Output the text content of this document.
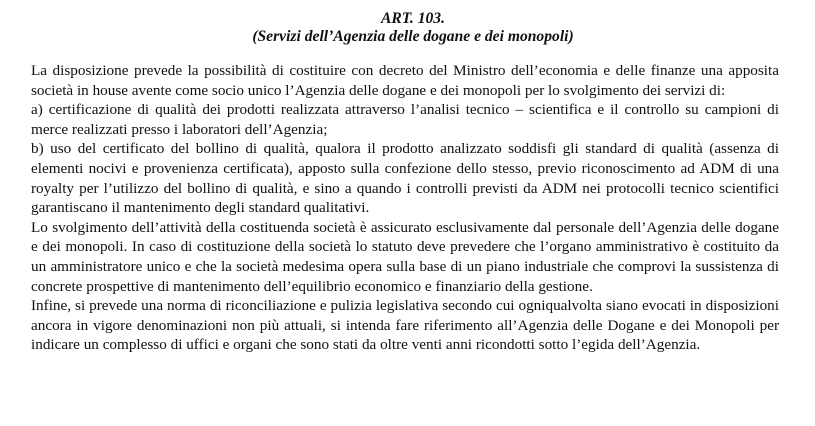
ART. 103.

(Servizi dell’Agenzia delle dogane e dei monopoli)

La disposizione prevede la possibilità di costituire con decreto del Ministro dell’economia e delle finanze una apposita società in house avente come socio unico l’Agenzia delle dogane e dei monopoli per lo svolgimento dei servizi di:

a) certificazione di qualità dei prodotti realizzata attraverso l’analisi tecnico – scientifica e il controllo su campioni di merce realizzati presso i laboratori dell’Agenzia;

b) uso del certificato del bollino di qualità, qualora il prodotto analizzato soddisfi gli standard di qualità (assenza di elementi nocivi e provenienza certificata), apposto sulla confezione dello stesso, previo riconoscimento ad ADM di una royalty per l’utilizzo del bollino di qualità, e sino a quando i controlli previsti da ADM nei protocolli tecnico scientifici garantiscano il mantenimento degli standard qualitativi.

Lo svolgimento dell’attività della costituenda società è assicurato esclusivamente dal personale dell’Agenzia delle dogane e dei monopoli. In caso di costituzione della società lo statuto deve prevedere che l’organo amministrativo è costituito da un amministratore unico e che la società medesima opera sulla base di un piano industriale che comprovi la sussistenza di concrete prospettive di mantenimento dell’equilibrio economico e finanziario della gestione.

Infine, si prevede una norma di riconciliazione e pulizia legislativa secondo cui ogniqualvolta siano evocati in disposizioni ancora in vigore denominazioni non più attuali, si intenda fare riferimento all’Agenzia delle Dogane e dei Monopoli per indicare un complesso di uffici e organi che sono stati da oltre venti anni ricondotti sotto l’egida dell’Agenzia.
